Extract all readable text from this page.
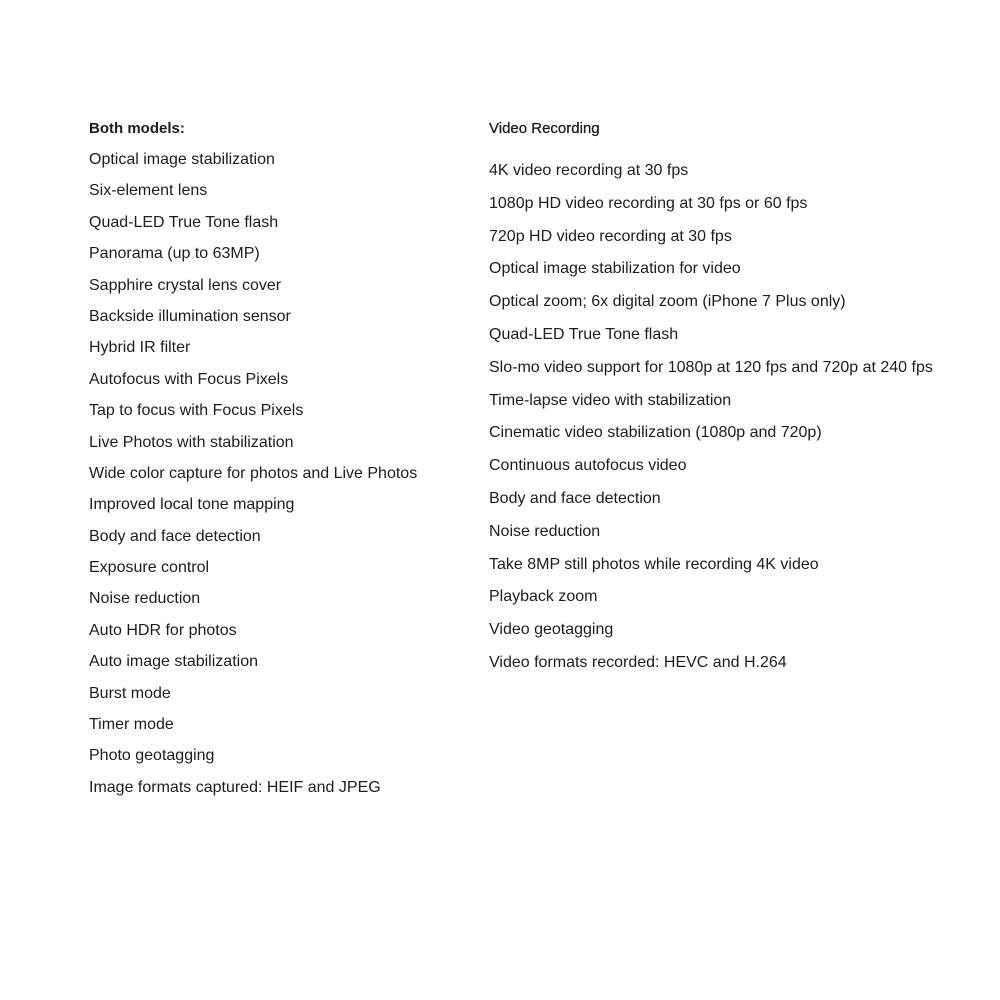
Both models:
Optical image stabilization
Six-element lens
Quad-LED True Tone flash
Panorama (up to 63MP)
Sapphire crystal lens cover
Backside illumination sensor
Hybrid IR filter
Autofocus with Focus Pixels
Tap to focus with Focus Pixels
Live Photos with stabilization
Wide color capture for photos and Live Photos
Improved local tone mapping
Body and face detection
Exposure control
Noise reduction
Auto HDR for photos
Auto image stabilization
Burst mode
Timer mode
Photo geotagging
Image formats captured: HEIF and JPEG
Video Recording
4K video recording at 30 fps
1080p HD video recording at 30 fps or 60 fps
720p HD video recording at 30 fps
Optical image stabilization for video
Optical zoom; 6x digital zoom (iPhone 7 Plus only)
Quad-LED True Tone flash
Slo-mo video support for 1080p at 120 fps and 720p at 240 fps
Time-lapse video with stabilization
Cinematic video stabilization (1080p and 720p)
Continuous autofocus video
Body and face detection
Noise reduction
Take 8MP still photos while recording 4K video
Playback zoom
Video geotagging
Video formats recorded: HEVC and H.264
